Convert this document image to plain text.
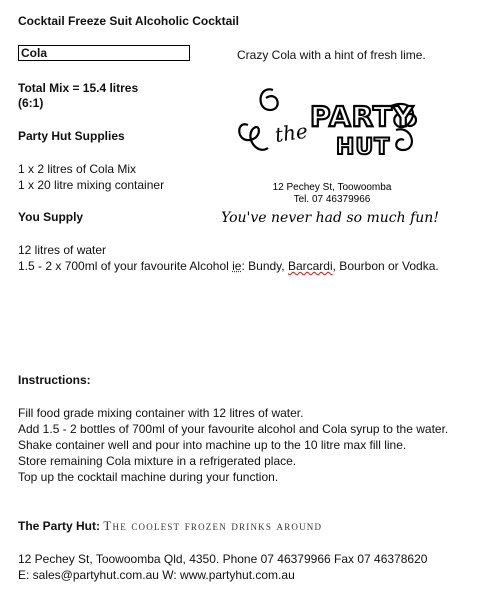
Cocktail Freeze Suit Alcoholic Cocktail
Cola	Crazy Cola with a hint of fresh lime.
Total Mix = 15.4 litres
(6:1)
Party Hut Supplies
1 x 2 litres of Cola Mix
1 x 20 litre mixing container
You Supply
12 litres of water
1.5 - 2 x 700ml of your favourite Alcohol ie: Bundy, Barcardi, Bourbon or Vodka.
Instructions:
Fill food grade mixing container with 12 litres of water.
Add 1.5 - 2 bottles of 700ml of your favourite alcohol and Cola syrup to the water.
Shake container well and pour into machine up to the 10 litre max fill line.
Store remaining Cola mixture in a refrigerated place.
Top up the cocktail machine during your function.
The Party Hut: The coolest frozen drinks around
12 Pechey St, Toowoomba Qld, 4350. Phone 07 46379966 Fax 07 46378620
E: sales@partyhut.com.au W: www.partyhut.com.au
the PARTY
HUT
12 Pechey St, Toowoomba
Tel. 07 46379966
You've never had so much fun!
